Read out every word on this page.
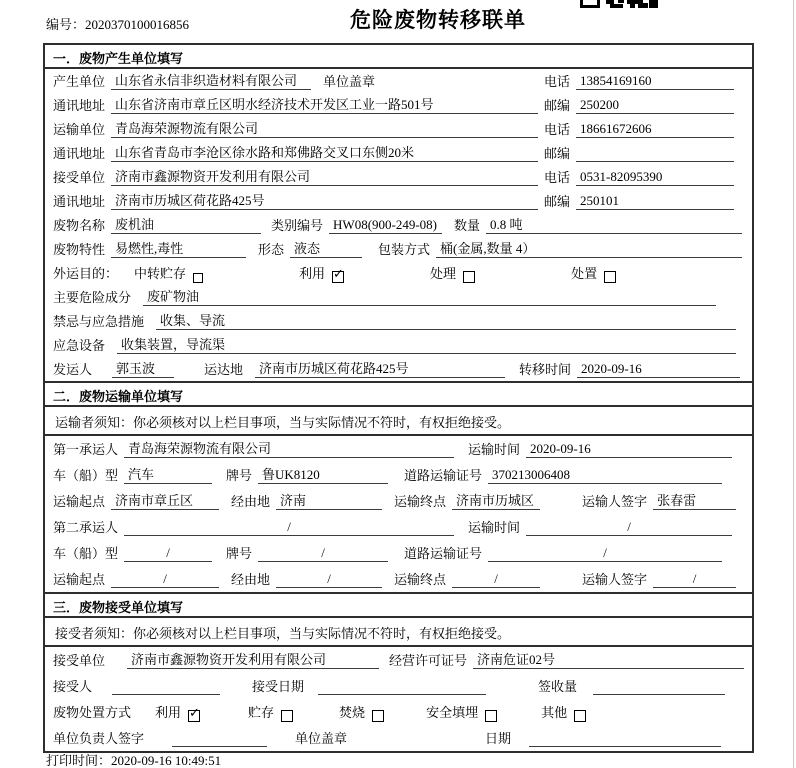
危险废物转移联单
编号：2020370100016856
一．废物产生单位填写
产生单位 山东省永信非织造材料有限公司	单位盖章	电话 13854169160
通讯地址 山东省济南市章丘区明水经济技术开发区工业一路501号	邮编 250200
运输单位 青岛海荣源物流有限公司	电话 18661672606
通讯地址 山东省青岛市李沧区徐水路和郑佛路交叉口东侧20米	邮编
接受单位 济南市鑫源物资开发利用有限公司	电话 0531-82095390
通讯地址 济南市历城区荷花路425号	邮编 250101
废物名称 废机油	类别编号 HW08(900-249-08)	数量 0.8 吨
废物特性 易燃性,毒性	形态 液态	包装方式 桶(金属,数量 4）
外运目的：	中转贮存	利用 ✓	处理	处置
主要危险成分	废矿物油
禁忌与应急措施	收集、导流
应急设备	收集装置，导流渠
发运人	郭玉波	运达地	济南市历城区荷花路425号	转移时间 2020-09-16
二．废物运输单位填写
运输者须知：你必须核对以上栏目事项，当与实际情况不符时，有权拒绝接受。
第一承运人 青岛海荣源物流有限公司	运输时间 2020-09-16
车（船）型 汽车	牌号 鲁UK8120	道路运输证号 370213006408
运输起点 济南市章丘区	经由地 济南	运输终点 济南市历城区	运输人签字 张春雷
第二承运人	/	运输时间	/
车（船）型	/	牌号	/	道路运输证号	/
运输起点	/	经由地	/	运输终点	/	运输人签字	/
三．废物接受单位填写
接受者须知：你必须核对以上栏目事项，当与实际情况不符时，有权拒绝接受。
接受单位	济南市鑫源物资开发利用有限公司	经营许可证号 济南危证02号
接受人	接受日期	签收量
废物处置方式	利用 ✓	贮存	焚烧	安全填埋	其他
单位负责人签字	单位盖章	日期
打印时间：2020-09-16 10:49:51
